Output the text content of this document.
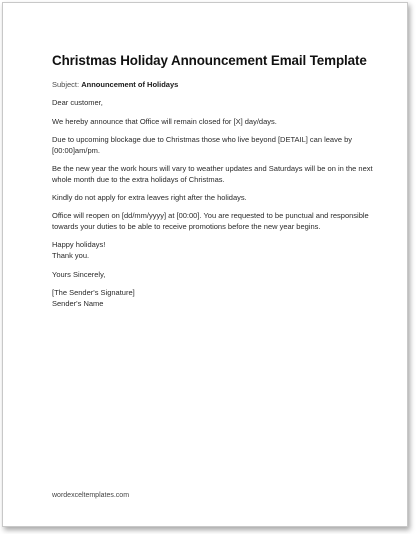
Christmas Holiday Announcement Email Template
Subject: Announcement of Holidays
Dear customer,
We hereby announce that Office will remain closed for [X] day/days.
Due to upcoming blockage due to Christmas those who live beyond [DETAIL] can leave by [00:00]am/pm.
Be the new year the work hours will vary to weather updates and Saturdays will be on in the next whole month due to the extra holidays of Christmas.
Kindly do not apply for extra leaves right after the holidays.
Office will reopen on [dd/mm/yyyy] at [00:00]. You are requested to be punctual and responsible towards your duties to be able to receive promotions before the new year begins.
Happy holidays!
Thank you.
Yours Sincerely,
[The Sender's Signature]
Sender's Name
wordexceltemplates.com
